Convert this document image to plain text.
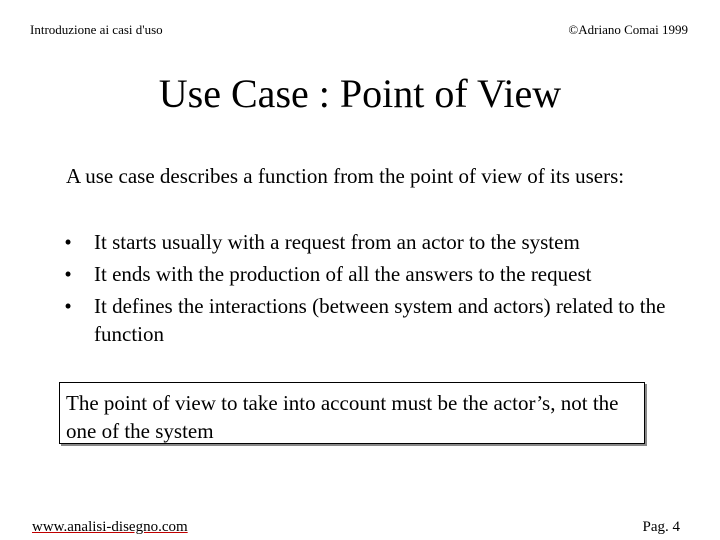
Introduzione ai casi d'uso	©Adriano Comai 1999
Use Case : Point of View
A use case describes a function from the point of view of its users:
•	It starts usually with a request from an actor to the system
•	It ends with the production of all the answers to the request
•	It defines the interactions (between system and actors) related to the function
The point of view to take into account must be the actor’s, not the one of the system
www.analisi-disegno.com	Pag. 4
